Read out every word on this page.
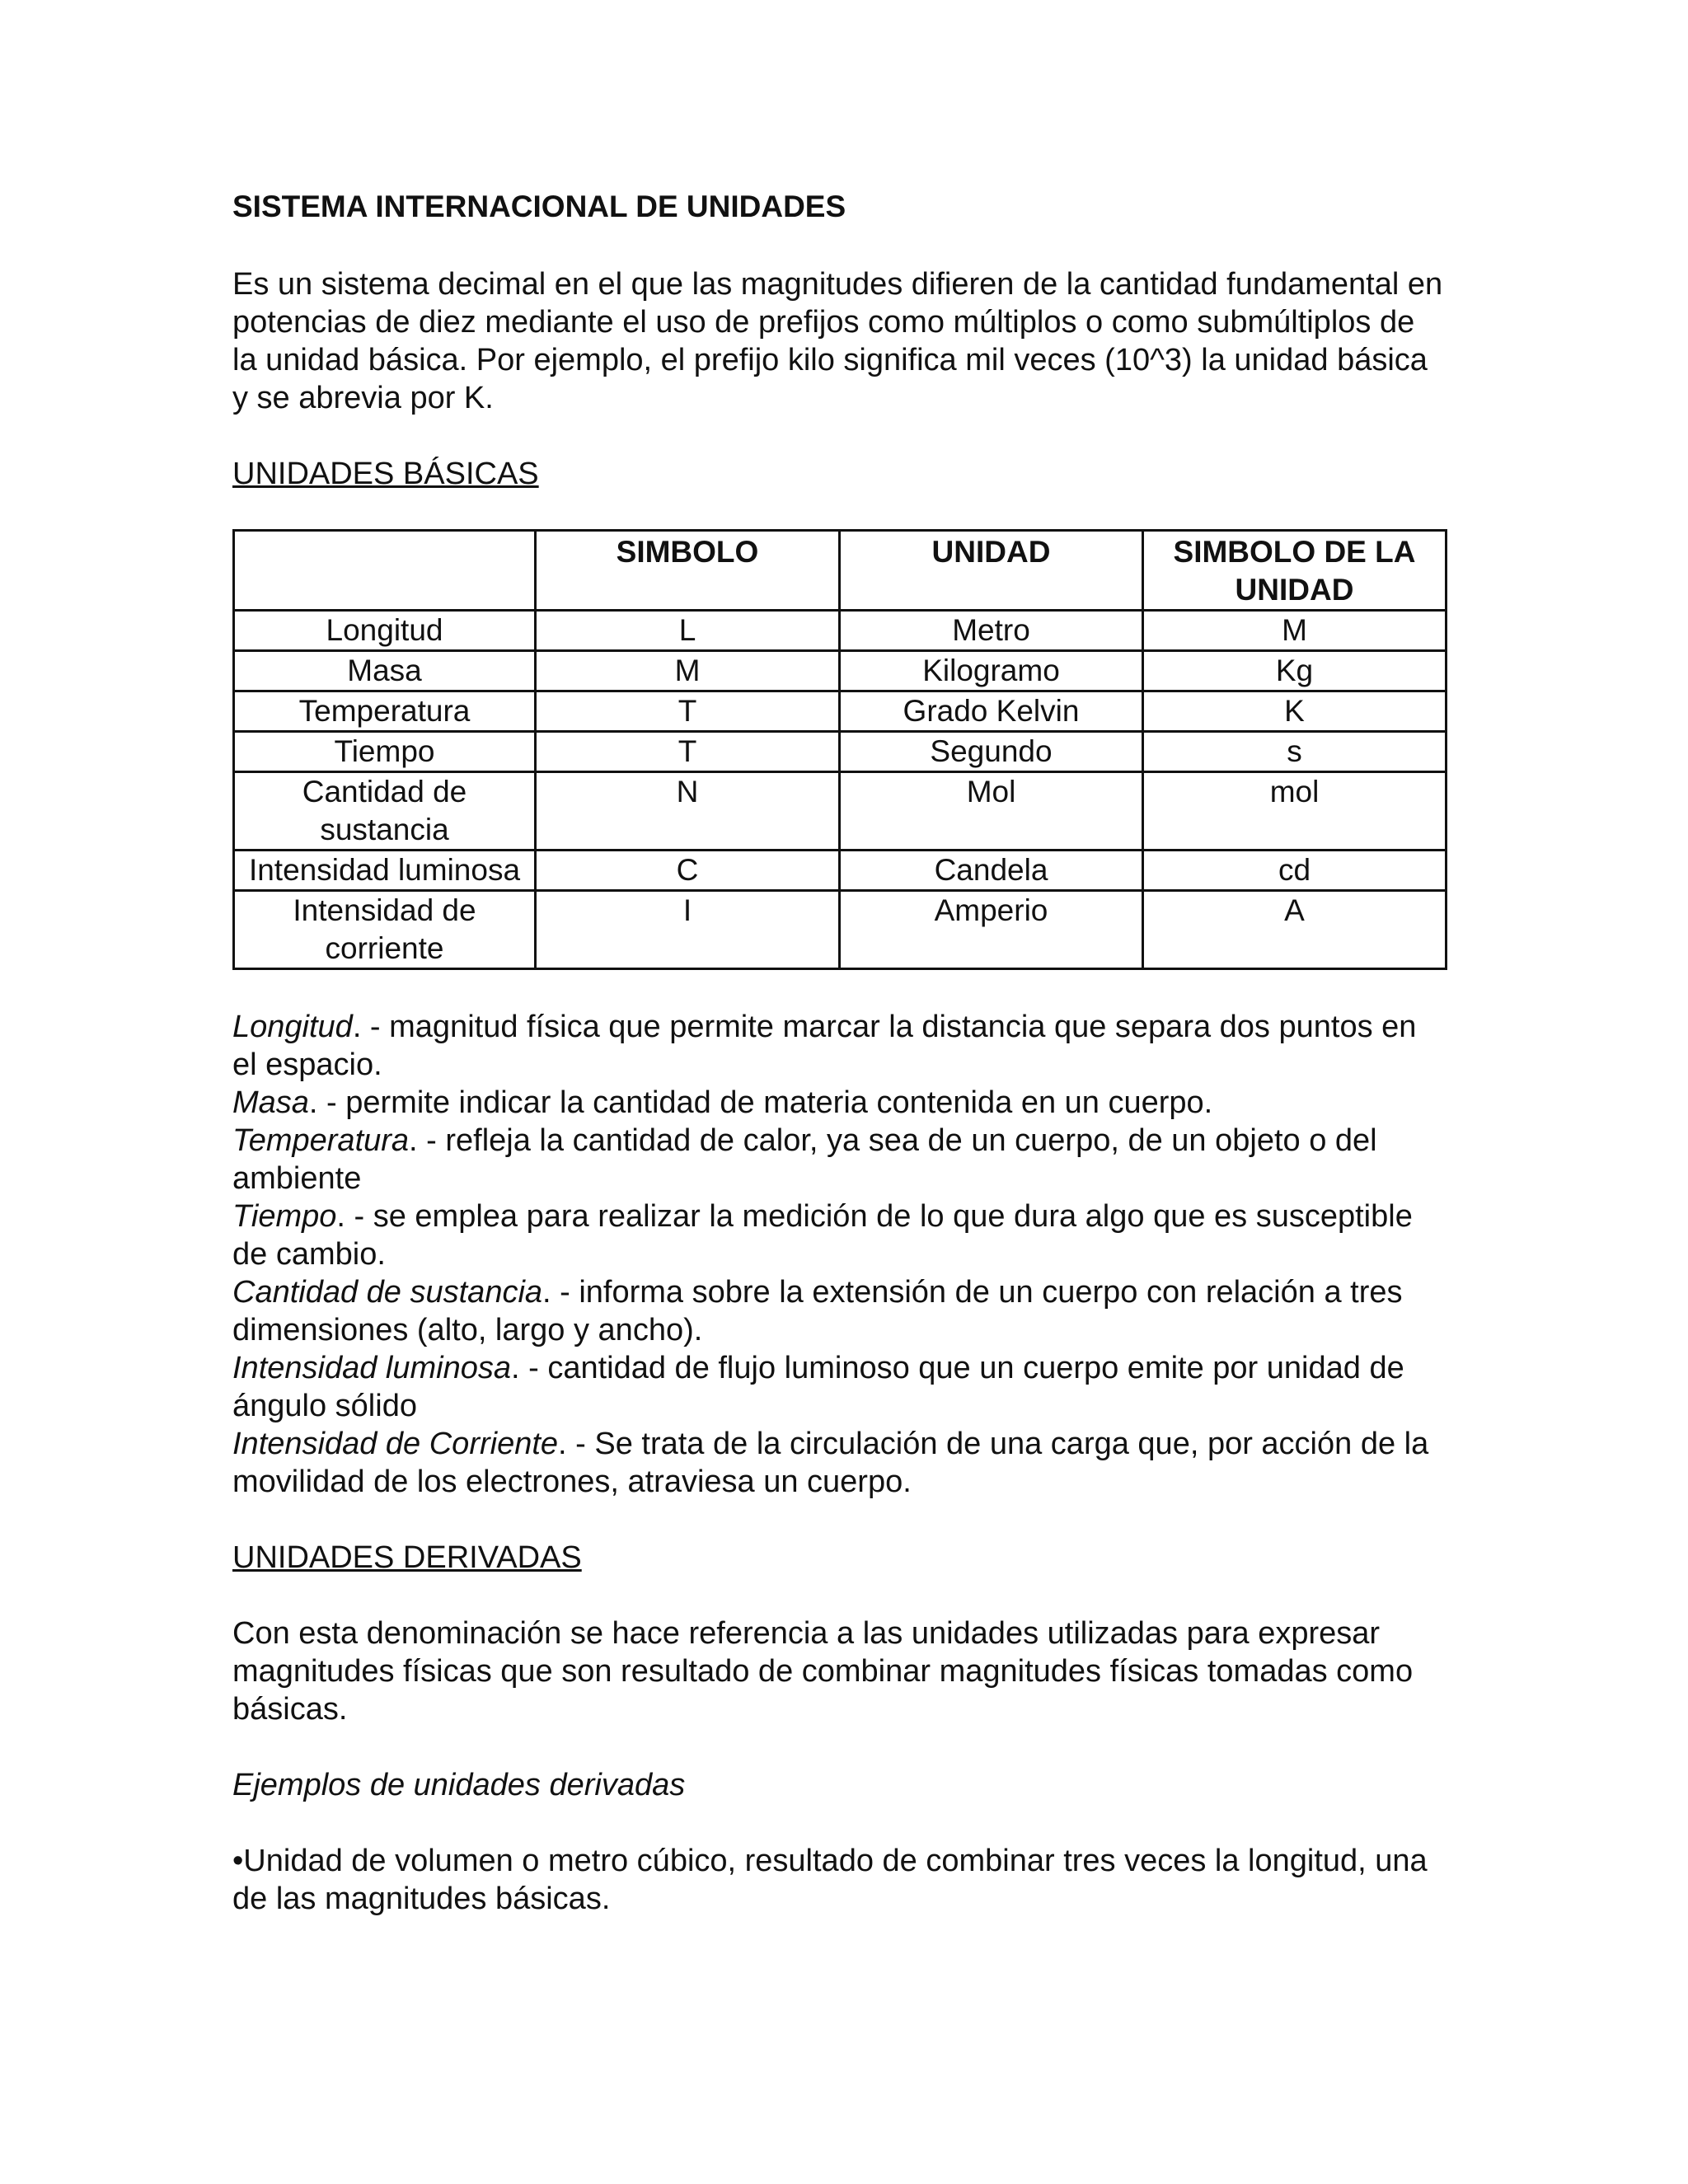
SISTEMA INTERNACIONAL DE UNIDADES

Es un sistema decimal en el que las magnitudes difieren de la cantidad fundamental en potencias de diez mediante el uso de prefijos como múltiplos o como submúltiplos de la unidad básica. Por ejemplo, el prefijo kilo significa mil veces (10^3) la unidad básica y se abrevia por K.

UNIDADES BÁSICAS

	SIMBOLO	UNIDAD	SIMBOLO DE LA UNIDAD
Longitud	L	Metro	M
Masa	M	Kilogramo	Kg
Temperatura	T	Grado Kelvin	K
Tiempo	T	Segundo	s
Cantidad de sustancia	N	Mol	mol
Intensidad luminosa	C	Candela	cd
Intensidad de corriente	I	Amperio	A

Longitud. - magnitud física que permite marcar la distancia que separa dos puntos en el espacio.

Masa. - permite indicar la cantidad de materia contenida en un cuerpo.

Temperatura. - refleja la cantidad de calor, ya sea de un cuerpo, de un objeto o del ambiente

Tiempo. - se emplea para realizar la medición de lo que dura algo que es susceptible de cambio.

Cantidad de sustancia. - informa sobre la extensión de un cuerpo con relación a tres dimensiones (alto, largo y ancho).

Intensidad luminosa. - cantidad de flujo luminoso que un cuerpo emite por unidad de ángulo sólido

Intensidad de Corriente. - Se trata de la circulación de una carga que, por acción de la movilidad de los electrones, atraviesa un cuerpo.

UNIDADES DERIVADAS

Con esta denominación se hace referencia a las unidades utilizadas para expresar magnitudes físicas que son resultado de combinar magnitudes físicas tomadas como básicas.

Ejemplos de unidades derivadas

•Unidad de volumen o metro cúbico, resultado de combinar tres veces la longitud, una de las magnitudes básicas.
